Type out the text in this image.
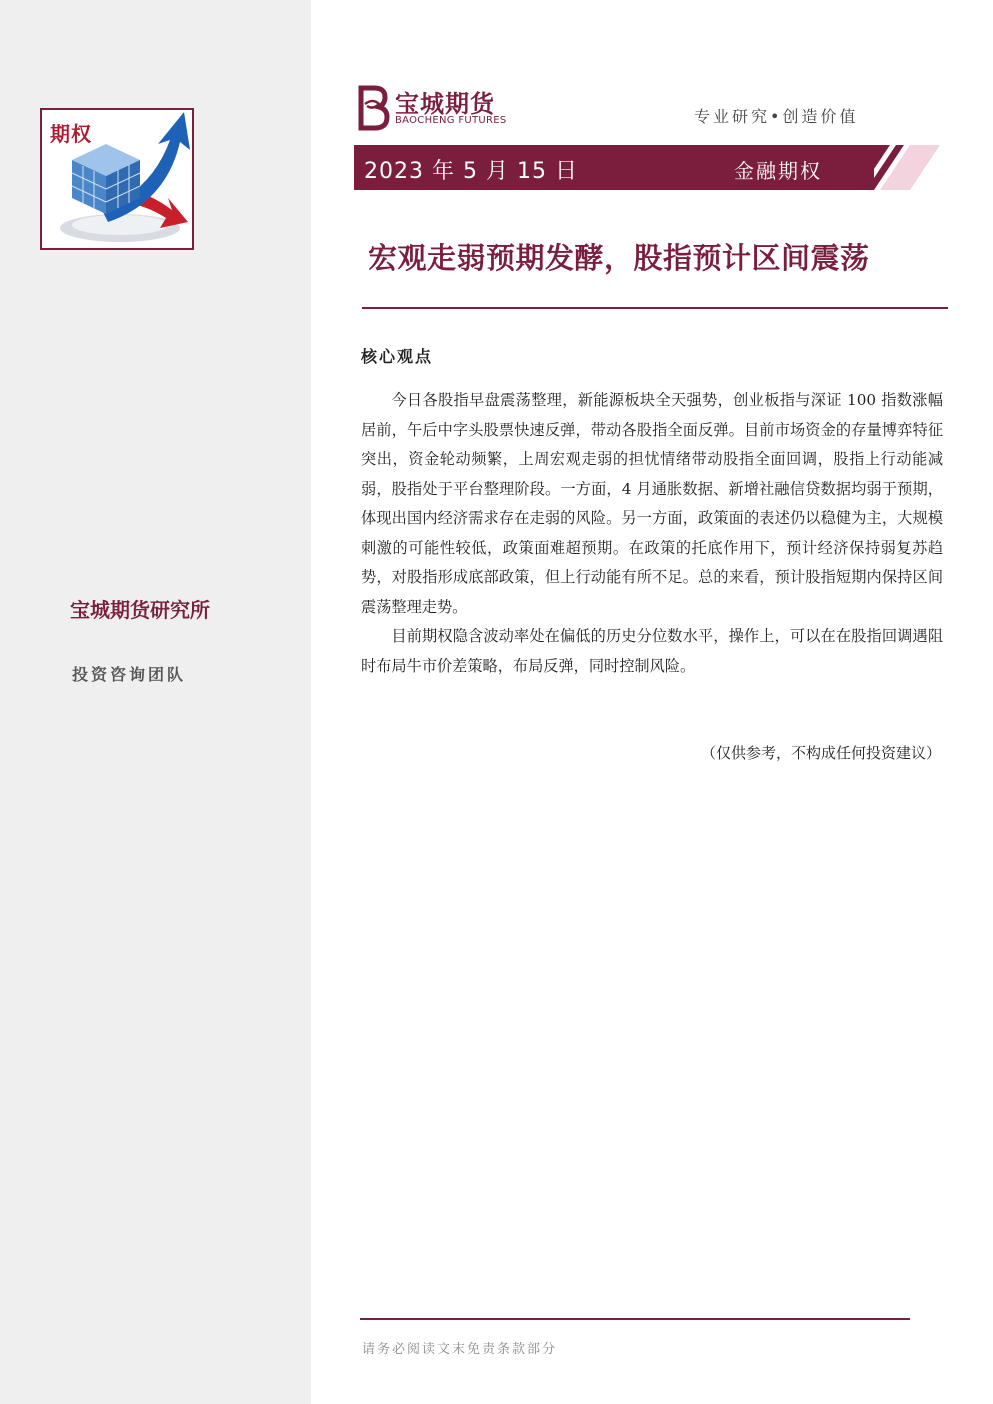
期权
宝城期货研究所
投资咨询团队
宝城期货
BAOCHENG FUTURES	专业研究•创造价值
2023 年 5 月 15 日	金融期权
宏观走弱预期发酵，股指预计区间震荡
核心观点

今日各股指早盘震荡整理，新能源板块全天强势，创业板指与深证 100 指数涨幅居前，午后中字头股票快速反弹，带动各股指全面反弹。目前市场资金的存量博弈特征突出，资金轮动频繁，上周宏观走弱的担忧情绪带动股指全面回调，股指上行动能减弱，股指处于平台整理阶段。一方面，4 月通胀数据、新增社融信贷数据均弱于预期，体现出国内经济需求存在走弱的风险。另一方面，政策面的表述仍以稳健为主，大规模刺激的可能性较低，政策面难超预期。在政策的托底作用下，预计经济保持弱复苏趋势，对股指形成底部政策，但上行动能有所不足。总的来看，预计股指短期内保持区间震荡整理走势。

目前期权隐含波动率处在偏低的历史分位数水平，操作上，可以在在股指回调遇阻时布局牛市价差策略，布局反弹，同时控制风险。

（仅供参考，不构成任何投资建议）
请务必阅读文末免责条款部分
